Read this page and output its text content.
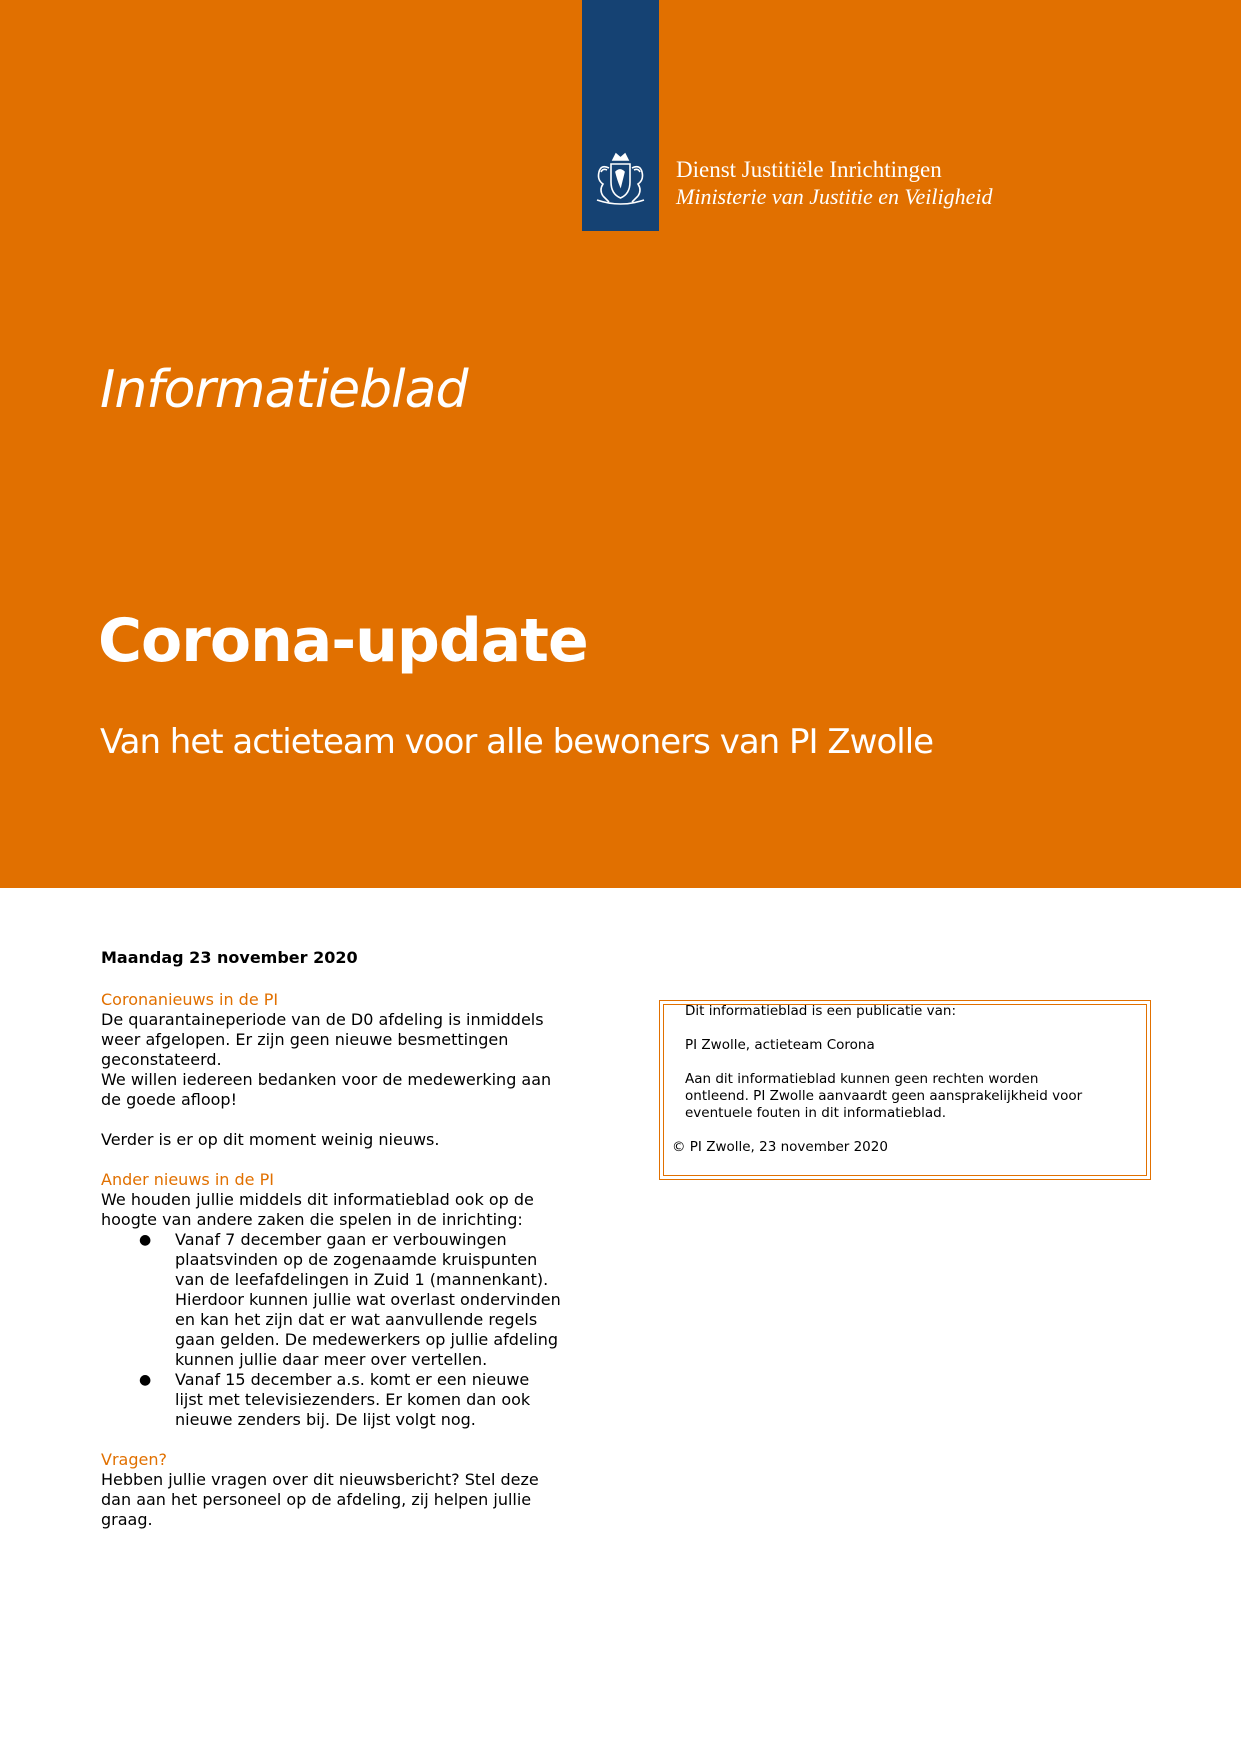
Dienst Justitiële Inrichtingen
Ministerie van Justitie en Veiligheid
Informatieblad
Corona-update
Van het actieteam voor alle bewoners van PI Zwolle

Maandag 23 november 2020

Coronanieuws in de PI

De quarantaineperiode van de D0 afdeling is inmiddels

weer afgelopen. Er zijn geen nieuwe besmettingen

geconstateerd.

We willen iedereen bedanken voor de medewerking aan

de goede afloop!

Verder is er op dit moment weinig nieuws.

Ander nieuws in de PI

We houden jullie middels dit informatieblad ook op de

hoogte van andere zaken die spelen in de inrichting:

● Vanaf 7 december gaan er verbouwingen
plaatsvinden op de zogenaamde kruispunten
van de leefafdelingen in Zuid 1 (mannenkant).
Hierdoor kunnen jullie wat overlast ondervinden
en kan het zijn dat er wat aanvullende regels
gaan gelden. De medewerkers op jullie afdeling
kunnen jullie daar meer over vertellen.
● Vanaf 15 december a.s. komt er een nieuwe
lijst met televisiezenders. Er komen dan ook
nieuwe zenders bij. De lijst volgt nog.

Vragen?

Hebben jullie vragen over dit nieuwsbericht? Stel deze

dan aan het personeel op de afdeling, zij helpen jullie

graag.

Dit informatieblad is een publicatie van:

PI Zwolle, actieteam Corona

Aan dit informatieblad kunnen geen rechten worden

ontleend. PI Zwolle aanvaardt geen aansprakelijkheid voor

eventuele fouten in dit informatieblad.

© PI Zwolle, 23 november 2020
